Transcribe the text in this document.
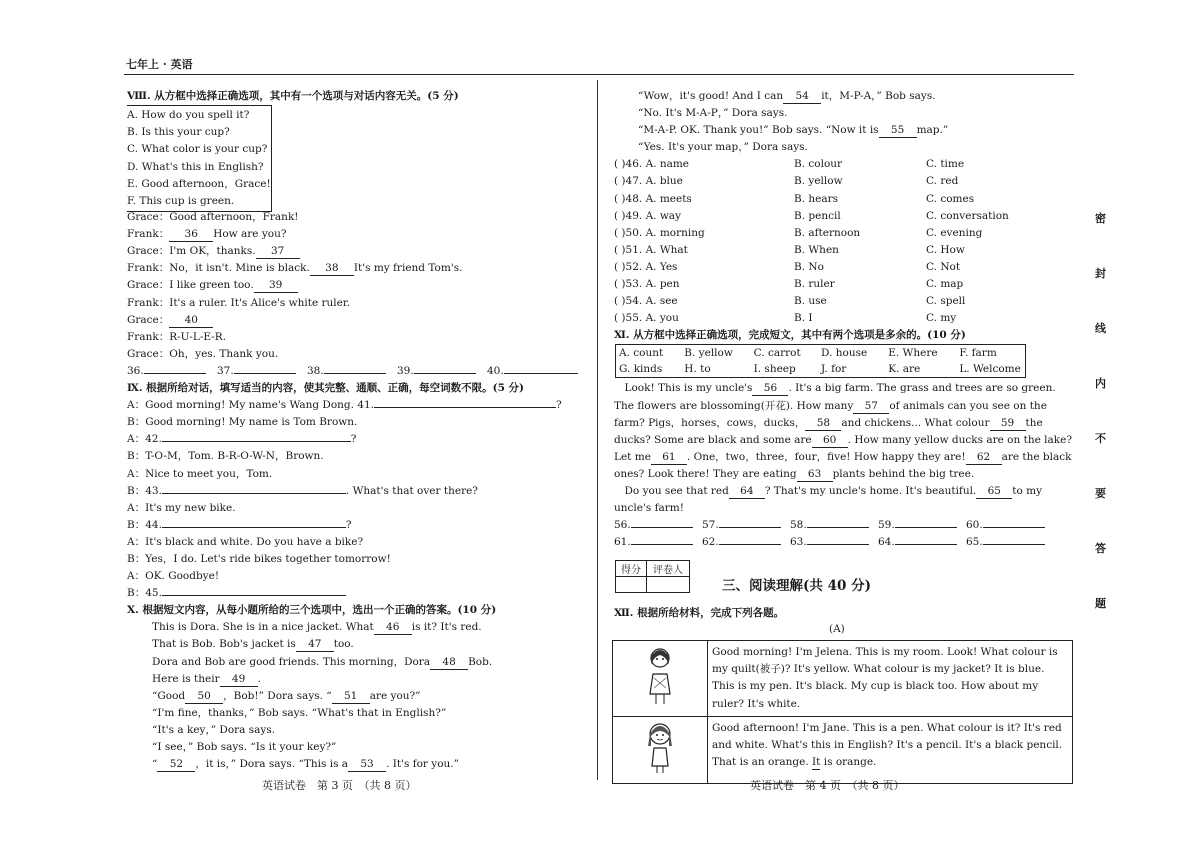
七年上 · 英语
Ⅷ. 从方框中选择正确选项，其中有一个选项与对话内容无关。(5 分)
A. How do you spell it?
B. Is this your cup?
C. What color is your cup?
D. What's this in English?
E. Good afternoon，Grace!
F. This cup is green.
Grace：Good afternoon，Frank!
Frank： 36 How are you?
Grace：I'm OK，thanks. 37
Frank：No，it isn't. Mine is black. 38 It's my friend Tom's.
Grace：I like green too. 39
Frank：It's a ruler. It's Alice's white ruler.
Grace： 40
Frank：R-U-L-E-R.
Grace：Oh，yes. Thank you.
36.	37.	38.	39.	40.
Ⅸ. 根据所给对话，填写适当的内容，使其完整、通顺、正确，每空词数不限。(5 分)
A：Good morning! My name's Wang Dong. 41.	?
B：Good morning! My name is Tom Brown.
A：42.	?
B：T-O-M，Tom. B-R-O-W-N，Brown.
A：Nice to meet you，Tom.
B：43.	. What's that over there?
A：It's my new bike.
B：44.	?
A：It's black and white. Do you have a bike?
B：Yes，I do. Let's ride bikes together tomorrow!
A：OK. Goodbye!
B：45.
Ⅹ. 根据短文内容，从每小题所给的三个选项中，选出一个正确的答案。(10 分)
This is Dora. She is in a nice jacket. What 46 is it? It's red.
That is Bob. Bob's jacket is 47 too.
Dora and Bob are good friends. This morning，Dora 48 Bob.
Here is their 49 .
“Good 50 ，Bob!” Dora says. “ 51 are you?”
“I'm fine，thanks，” Bob says. “What's that in English?”
“It's a key，” Dora says.
“I see，” Bob says. “Is it your key?”
“ 52 ，it is，” Dora says. “This is a 53 . It's for you.”
英语试卷　第 3 页　（共 8 页）
“Wow，it's good! And I can 54 it，M-P-A，” Bob says.
“No. It's M-A-P，” Dora says.
“M-A-P. OK. Thank you!” Bob says. “Now it is 55 map.”
“Yes. It's your map，” Dora says.
( )46. A. name	B. colour	C. time
( )47. A. blue	B. yellow	C. red
( )48. A. meets	B. hears	C. comes
( )49. A. way	B. pencil	C. conversation
( )50. A. morning	B. afternoon	C. evening
( )51. A. What	B. When	C. How
( )52. A. Yes	B. No	C. Not
( )53. A. pen	B. ruler	C. map
( )54. A. see	B. use	C. spell
( )55. A. you	B. I	C. my
Ⅺ. 从方框中选择正确选项，完成短文，其中有两个选项是多余的。(10 分)
A. count	B. yellow	C. carrot	D. house	E. Where	F. farm
G. kinds	H. to	I. sheep	J. for	K. are	L. Welcome
　Look! This is my uncle's 56 . It's a big farm. The grass and trees are so green.
The flowers are blossoming(开花). How many 57 of animals can you see on the
farm? Pigs，horses，cows，ducks， 58 and chickens... What colour 59 the
ducks? Some are black and some are 60 . How many yellow ducks are on the lake?
Let me 61 . One，two，three，four，five! How happy they are! 62 are the black
ones? Look there! They are eating 63 plants behind the big tree.
　Do you see that red 64 ? That's my uncle's home. It's beautiful. 65 to my
uncle's farm!
56.	57.	58.	59.	60.
61.	62.	63.	64.	65.
得分	评卷人

三、阅读理解(共 40 分)
Ⅻ. 根据所给材料，完成下列各题。
(A)
	Good morning! I'm Jelena. This is my room. Look! What colour is my quilt(被子)? It's yellow. What colour is my jacket? It is blue. This is my pen. It's black. My cup is black too. How about my ruler? It's white.
	Good afternoon! I'm Jane. This is a pen. What colour is it? It's red and white. What's this in English? It's a pencil. It's a black pencil. That is an orange. It is orange.
英语试卷　第 4 页　（共 8 页）
密
封
线
内
不
要
答
题
